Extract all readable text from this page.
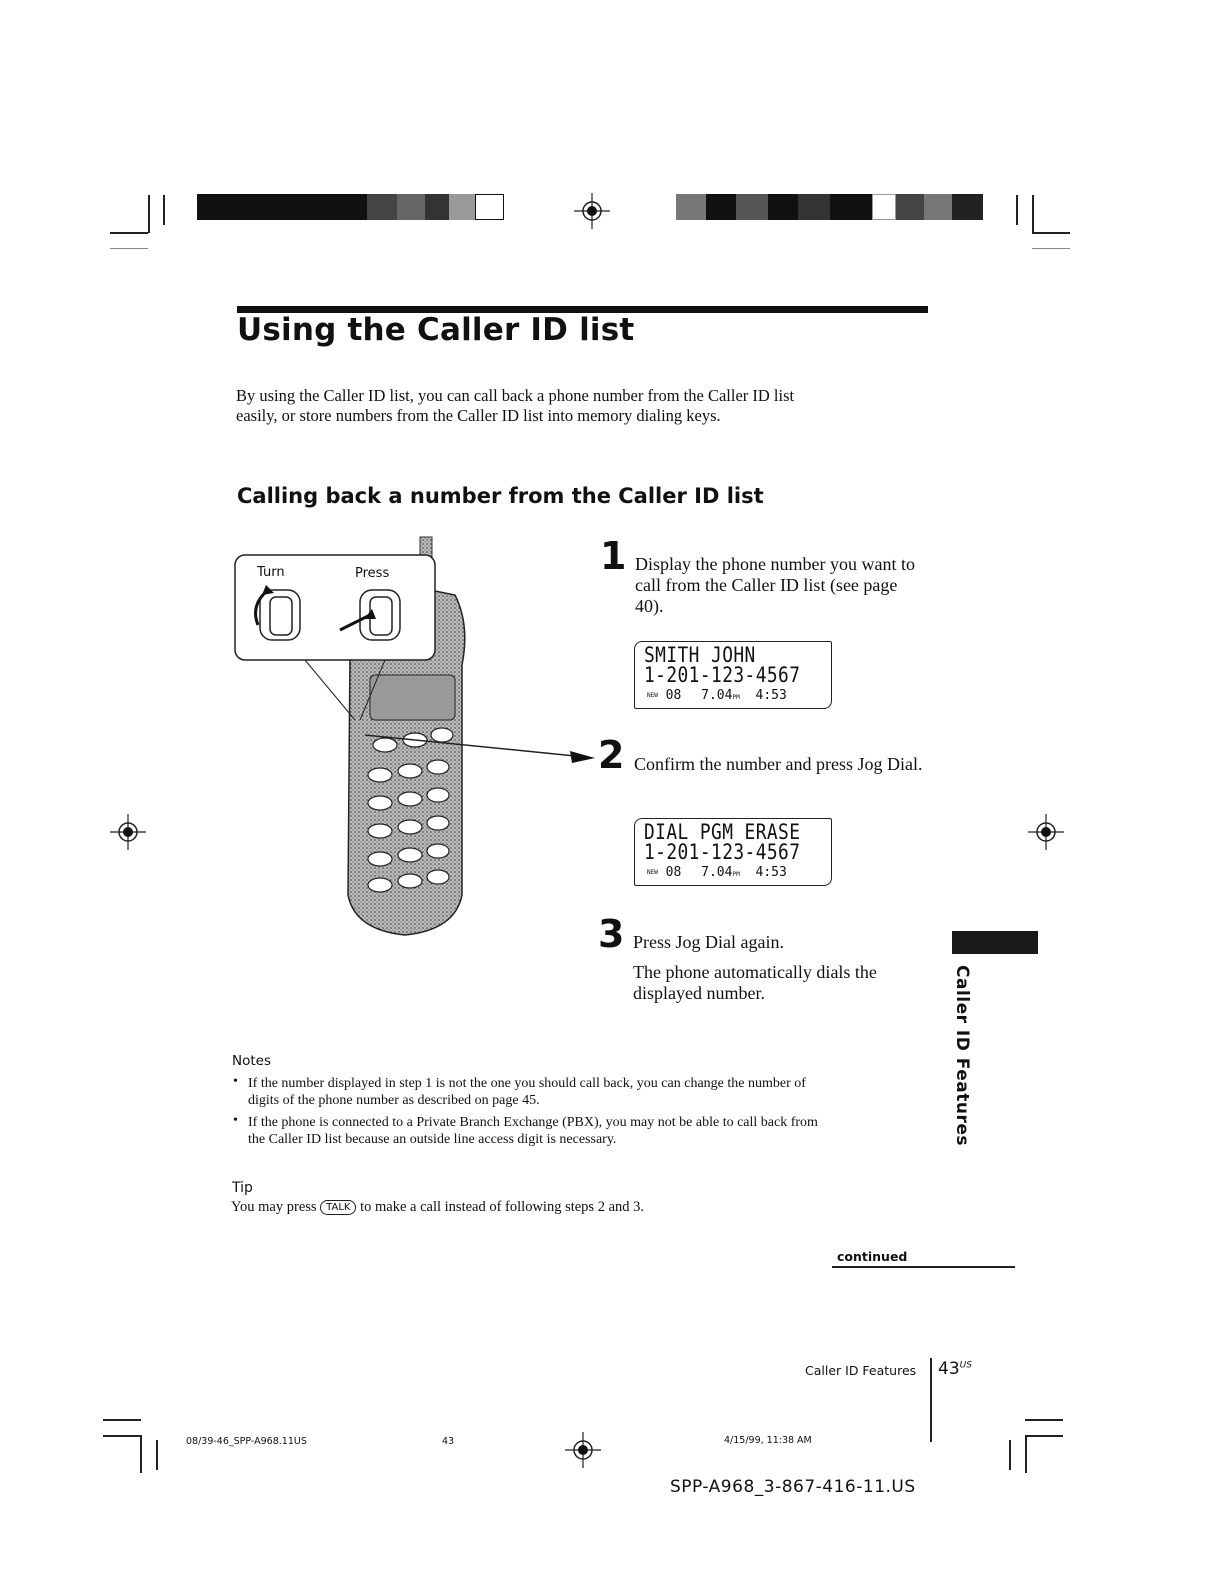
Using the Caller ID list
By using the Caller ID list, you can call back a phone number from the Caller ID list easily, or store numbers from the Caller ID list into memory dialing keys.
Calling back a number from the Caller ID list
Turn	Press	1 Display the phone number you want to call from the Caller ID list (see page 40).
SMITH JOHN
1-201-123-4567
$^{NEW}$ 08 7.04PM 4:53
2 Confirm the number and press Jog Dial.
DIAL PGM ERASE
1-201-123-4567
$^{NEW}$ 08 7.04PM 4:53
3 Press Jog Dial again.
The phone automatically dials the displayed number.	Caller ID Features
Notes
• If the number displayed in step 1 is not the one you should call back, you can change the number of digits of the phone number as described on page 45.
• If the phone is connected to a Private Branch Exchange (PBX), you may not be able to call back from the Caller ID list because an outside line access digit is necessary.
Tip
You may press TALK to make a call instead of following steps 2 and 3.
continued
Caller ID Features $43^{US}$
08/39-46_SPP-A968.11US	43	4/15/99, 11:38 AM
SPP-A968_3-867-416-11.US
